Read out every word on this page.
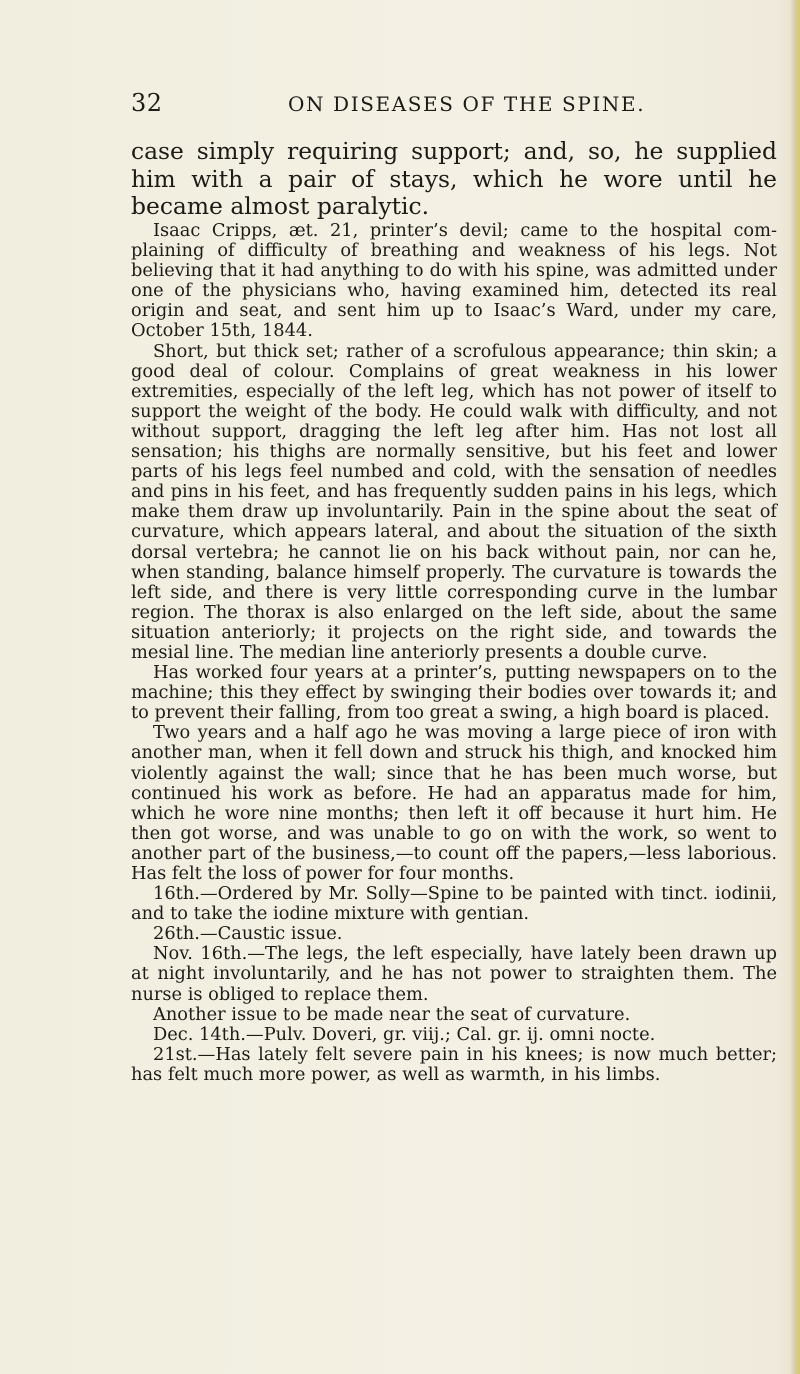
32	ON DISEASES OF THE SPINE.

case simply requiring support; and, so, he supplied him with a pair of stays, which he wore until he became almost paralytic.

Isaac Cripps, æt. 21, printer’s devil; came to the hospital com- plaining of difficulty of breathing and weakness of his legs. Not believing that it had anything to do with his spine, was admitted under one of the physicians who, having examined him, detected its real origin and seat, and sent him up to Isaac’s Ward, under my care, October 15th, 1844.

Short, but thick set; rather of a scrofulous appearance; thin skin; a good deal of colour. Complains of great weakness in his lower extremities, especially of the left leg, which has not power of itself to support the weight of the body. He could walk with difficulty, and not without support, dragging the left leg after him. Has not lost all sensation; his thighs are normally sensitive, but his feet and lower parts of his legs feel numbed and cold, with the sensation of needles and pins in his feet, and has frequently sudden pains in his legs, which make them draw up involuntarily. Pain in the spine about the seat of curvature, which appears lateral, and about the situation of the sixth dorsal vertebra; he cannot lie on his back without pain, nor can he, when standing, balance himself properly. The curvature is towards the left side, and there is very little corresponding curve in the lumbar region. The thorax is also enlarged on the left side, about the same situation anteriorly; it projects on the right side, and towards the mesial line. The median line anteriorly presents a double curve.

Has worked four years at a printer’s, putting newspapers on to the machine; this they effect by swinging their bodies over towards it; and to prevent their falling, from too great a swing, a high board is placed.

Two years and a half ago he was moving a large piece of iron with another man, when it fell down and struck his thigh, and knocked him violently against the wall; since that he has been much worse, but continued his work as before. He had an apparatus made for him, which he wore nine months; then left it off because it hurt him. He then got worse, and was unable to go on with the work, so went to another part of the business,—to count off the papers,—less laborious. Has felt the loss of power for four months.

16th.—Ordered by Mr. Solly—Spine to be painted with tinct. iodinii, and to take the iodine mixture with gentian.

26th.—Caustic issue.

Nov. 16th.—The legs, the left especially, have lately been drawn up at night involuntarily, and he has not power to straighten them. The nurse is obliged to replace them.

Another issue to be made near the seat of curvature.

Dec. 14th.—Pulv. Doveri, gr. viij.; Cal. gr. ij. omni nocte.

21st.—Has lately felt severe pain in his knees; is now much better; has felt much more power, as well as warmth, in his limbs.
